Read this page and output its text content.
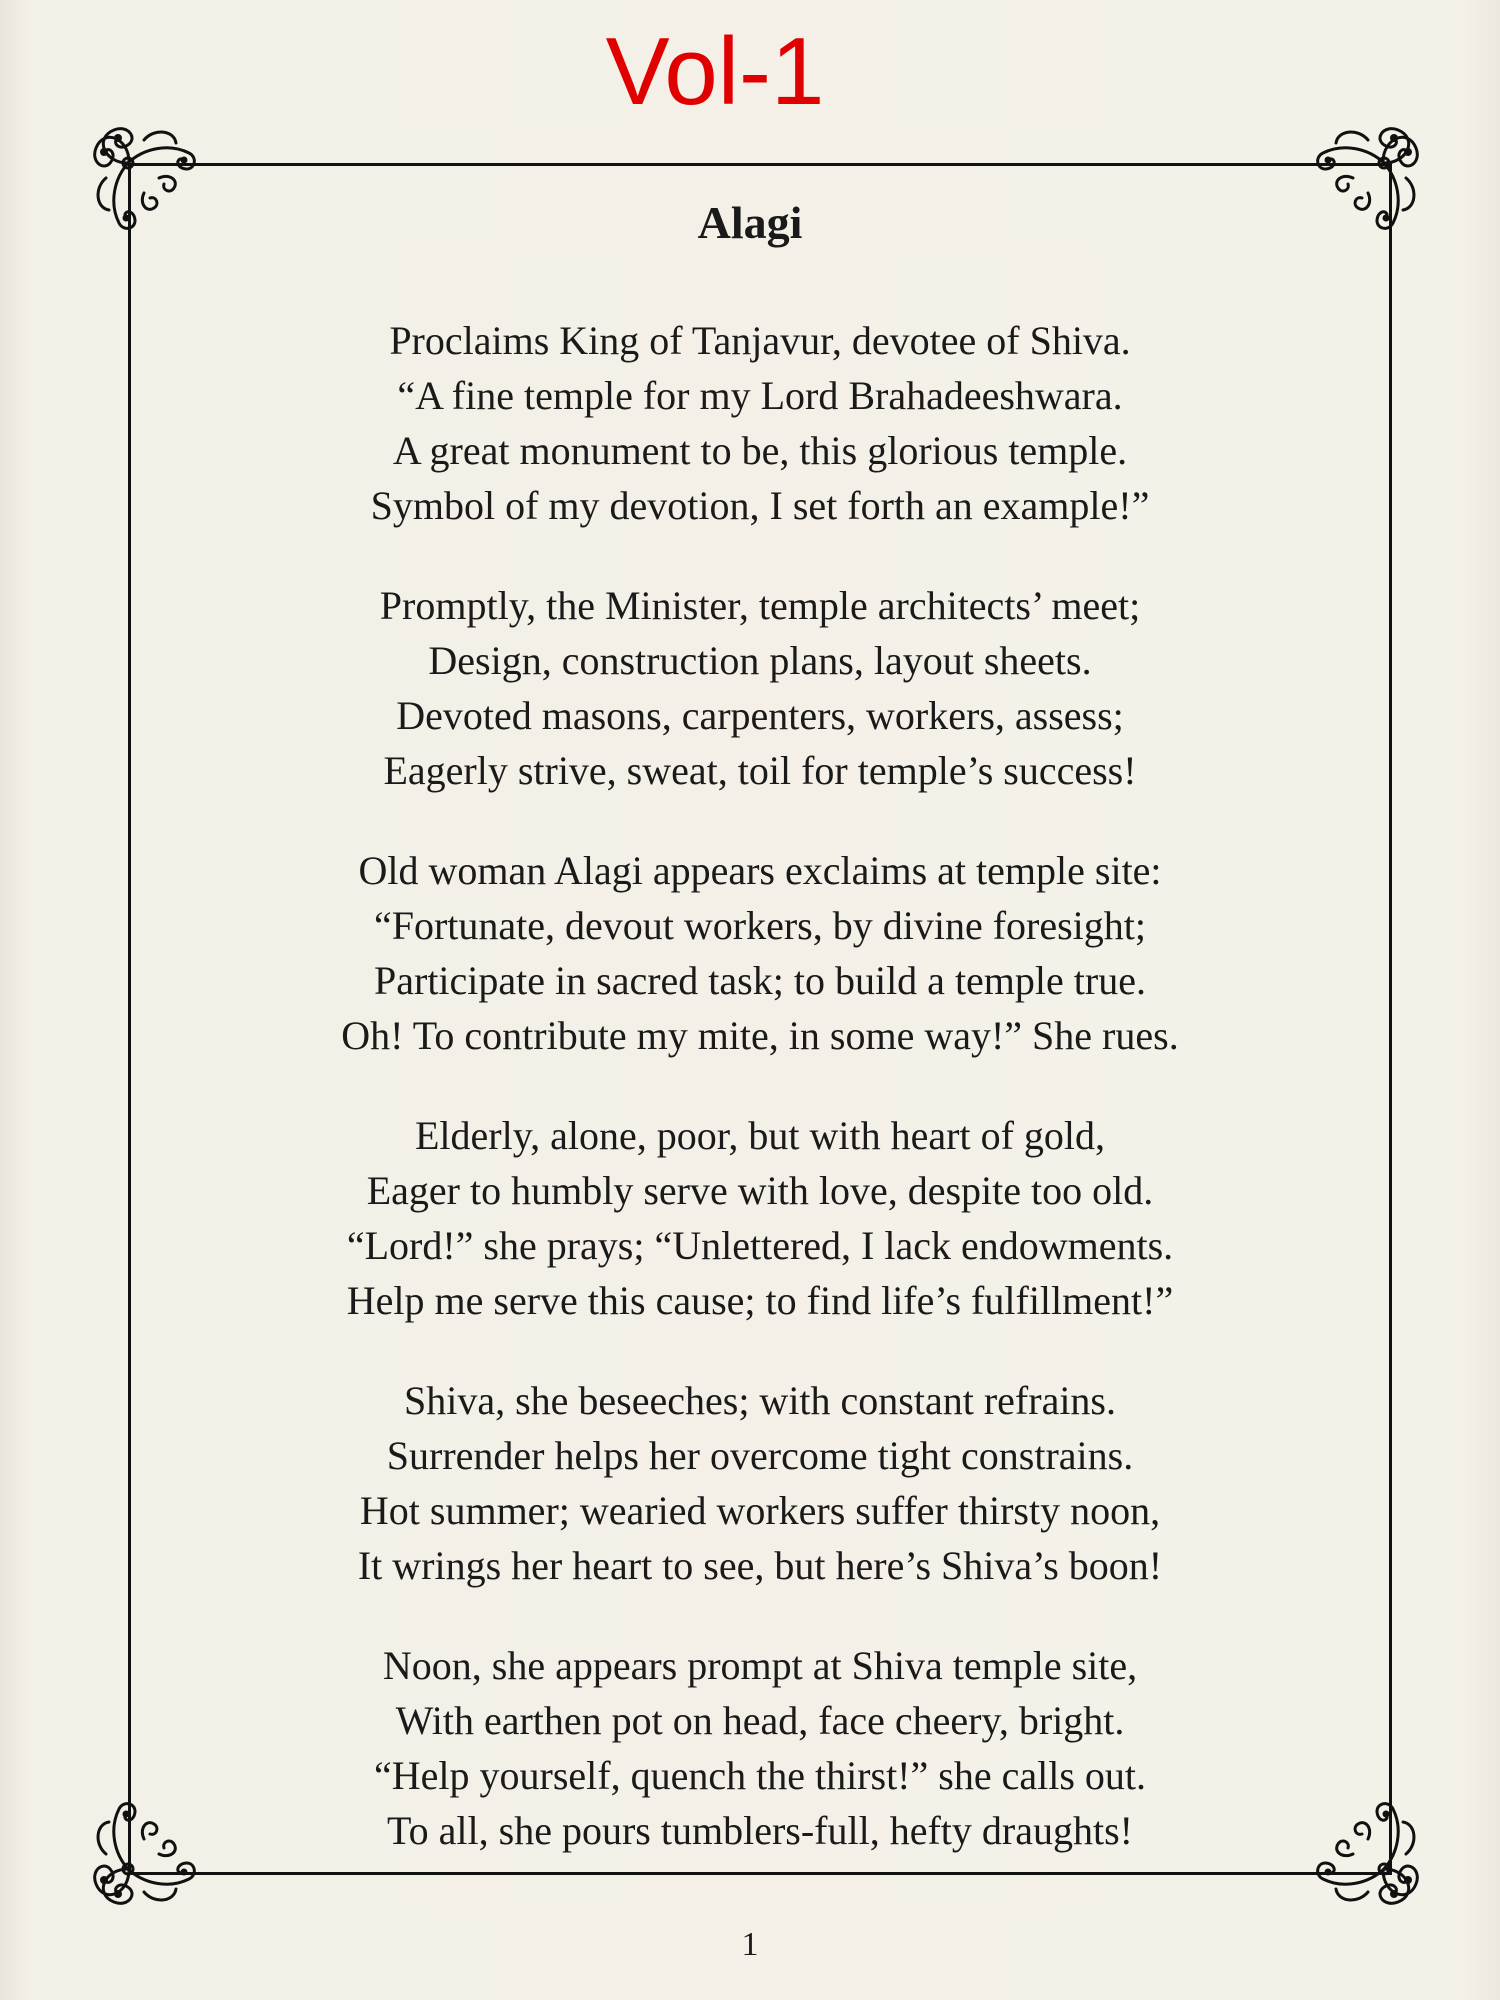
Vol-1
Alagi
Proclaims King of Tanjavur, devotee of Shiva.
“A fine temple for my Lord Brahadeeshwara.
A great monument to be, this glorious temple.
Symbol of my devotion, I set forth an example!”
Promptly, the Minister, temple architects’ meet;
Design, construction plans, layout sheets.
Devoted masons, carpenters, workers, assess;
Eagerly strive, sweat, toil for temple’s success!
Old woman Alagi appears exclaims at temple site:
“Fortunate, devout workers, by divine foresight;
Participate in sacred task; to build a temple true.
Oh! To contribute my mite, in some way!” She rues.
Elderly, alone, poor, but with heart of gold,
Eager to humbly serve with love, despite too old.
“Lord!” she prays; “Unlettered, I lack endowments.
Help me serve this cause; to find life’s fulfillment!”
Shiva, she beseeches; with constant refrains.
Surrender helps her overcome tight constrains.
Hot summer; wearied workers suffer thirsty noon,
It wrings her heart to see, but here’s Shiva’s boon!
Noon, she appears prompt at Shiva temple site,
With earthen pot on head, face cheery, bright.
“Help yourself, quench the thirst!” she calls out.
To all, she pours tumblers-full, hefty draughts!
1
